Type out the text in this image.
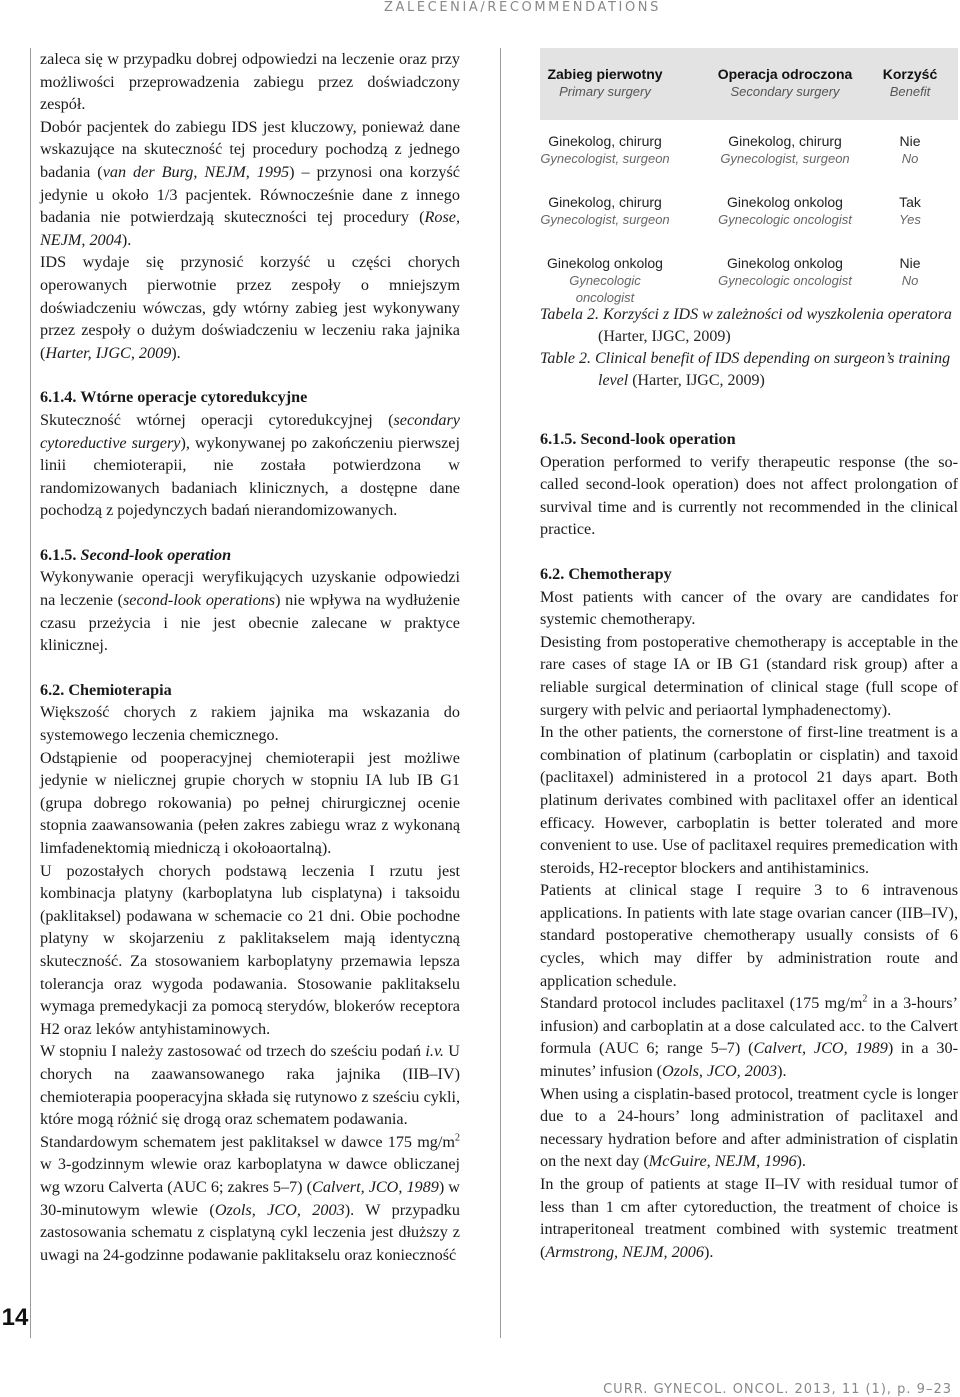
ZALECENIA/RECOMMENDATIONS
14

zaleca się w przypadku dobrej odpowiedzi na leczenie oraz przy możliwości przeprowadzenia zabiegu przez doświadczony zespół.

Dobór pacjentek do zabiegu IDS jest kluczowy, ponieważ dane wskazujące na skuteczność tej procedury pochodzą z jednego badania (van der Burg, NEJM, 1995) – przynosi ona korzyść jedynie u około 1/3 pacjentek. Równocześnie dane z innego badania nie potwierdzają skuteczności tej procedury (Rose, NEJM, 2004).

IDS wydaje się przynosić korzyść u części chorych operowanych pierwotnie przez zespoły o mniejszym doświadczeniu wówczas, gdy wtórny zabieg jest wykonywany przez zespoły o dużym doświadczeniu w leczeniu raka jajnika (Harter, IJGC, 2009).

6.1.4. Wtórne operacje cytoredukcyjne

Skuteczność wtórnej operacji cytoredukcyjnej (secondary cytoreductive surgery), wykonywanej po zakończeniu pierwszej linii chemioterapii, nie została potwierdzona w randomizowanych badaniach klinicznych, a dostępne dane pochodzą z pojedynczych badań nierandomizowanych.

6.1.5. Second-look operation

Wykonywanie operacji weryfikujących uzyskanie odpowiedzi na leczenie (second-look operations) nie wpływa na wydłużenie czasu przeżycia i nie jest obecnie zalecane w praktyce klinicznej.

6.2. Chemioterapia

Większość chorych z rakiem jajnika ma wskazania do systemowego leczenia chemicznego.

Odstąpienie od pooperacyjnej chemioterapii jest możliwe jedynie w nielicznej grupie chorych w stopniu IA lub IB G1 (grupa dobrego rokowania) po pełnej chirurgicznej ocenie stopnia zaawansowania (pełen zakres zabiegu wraz z wykonaną limfadenektomią miedniczą i okołoaortalną).

U pozostałych chorych podstawą leczenia I rzutu jest kombinacja platyny (karboplatyna lub cisplatyna) i taksoidu (paklitaksel) podawana w schemacie co 21 dni. Obie pochodne platyny w skojarzeniu z paklitakselem mają identyczną skuteczność. Za stosowaniem karboplatyny przemawia lepsza tolerancja oraz wygoda podawania. Stosowanie paklitakselu wymaga premedykacji za pomocą sterydów, blokerów receptora H2 oraz leków antyhistaminowych.

W stopniu I należy zastosować od trzech do sześciu podań i.v. U chorych na zaawansowanego raka jajnika (IIB–IV) chemioterapia pooperacyjna składa się rutynowo z sześciu cykli, które mogą różnić się drogą oraz schematem podawania.

Standardowym schematem jest paklitaksel w dawce 175 $mg/m^2$ w 3-godzinnym wlewie oraz karboplatyna w dawce obliczanej wg wzoru Calverta (AUC 6; zakres 5–7) (Calvert, JCO, 1989) w 30-minutowym wlewie (Ozols, JCO, 2003). W przypadku zastosowania schematu z cisplatyną cykl leczenia jest dłuższy z uwagi na 24-godzinne podawanie paklitakselu oraz konieczność

Zabieg pierwotny
Primary surgery
Operacja odroczona
Secondary surgery
Korzyść
Benefit
Ginekolog, chirurg
Gynecologist, surgeon
Ginekolog, chirurg
Gynecologist, surgeon
Nie
No
Ginekolog, chirurg
Gynecologist, surgeon
Ginekolog onkolog
Gynecologic oncologist
Tak
Yes
Ginekolog onkolog
Gynecologic oncologist
Ginekolog onkolog
Gynecologic oncologist
Nie
No
Tabela 2. Korzyści z IDS w zależności od wyszkolenia operatora
(Harter, IJGC, 2009)
Table 2. Clinical benefit of IDS depending on surgeon’s training
level (Harter, IJGC, 2009)

6.1.5. Second-look operation

Operation performed to verify therapeutic response (the so-called second-look operation) does not affect prolongation of survival time and is currently not recommended in the clinical practice.

6.2. Chemotherapy

Most patients with cancer of the ovary are candidates for systemic chemotherapy.

Desisting from postoperative chemotherapy is acceptable in the rare cases of stage IA or IB G1 (standard risk group) after a reliable surgical determination of clinical stage (full scope of surgery with pelvic and periaortal lymphadenectomy).

In the other patients, the cornerstone of first-line treatment is a combination of platinum (carboplatin or cisplatin) and taxoid (paclitaxel) administered in a protocol 21 days apart. Both platinum derivates combined with paclitaxel offer an identical efficacy. However, carboplatin is better tolerated and more convenient to use. Use of paclitaxel requires premedication with steroids, H2-receptor blockers and antihistaminics.

Patients at clinical stage I require 3 to 6 intravenous applications. In patients with late stage ovarian cancer (IIB–IV), standard postoperative chemotherapy usually consists of 6 cycles, which may differ by administration route and application schedule.

Standard protocol includes paclitaxel (175 $mg/m^2$ in a 3-hours’ infusion) and carboplatin at a dose calculated acc. to the Calvert formula (AUC 6; range 5–7) (Calvert, JCO, 1989) in a 30-minutes’ infusion (Ozols, JCO, 2003).

When using a cisplatin-based protocol, treatment cycle is longer due to a 24-hours’ long administration of paclitaxel and necessary hydration before and after administration of cisplatin on the next day (McGuire, NEJM, 1996).

In the group of patients at stage II–IV with residual tumor of less than 1 cm after cytoreduction, the treatment of choice is intraperitoneal treatment combined with systemic treatment (Armstrong, NEJM, 2006).

CURR. GYNECOL. ONCOL. 2013, 11 (1), p. 9–23
